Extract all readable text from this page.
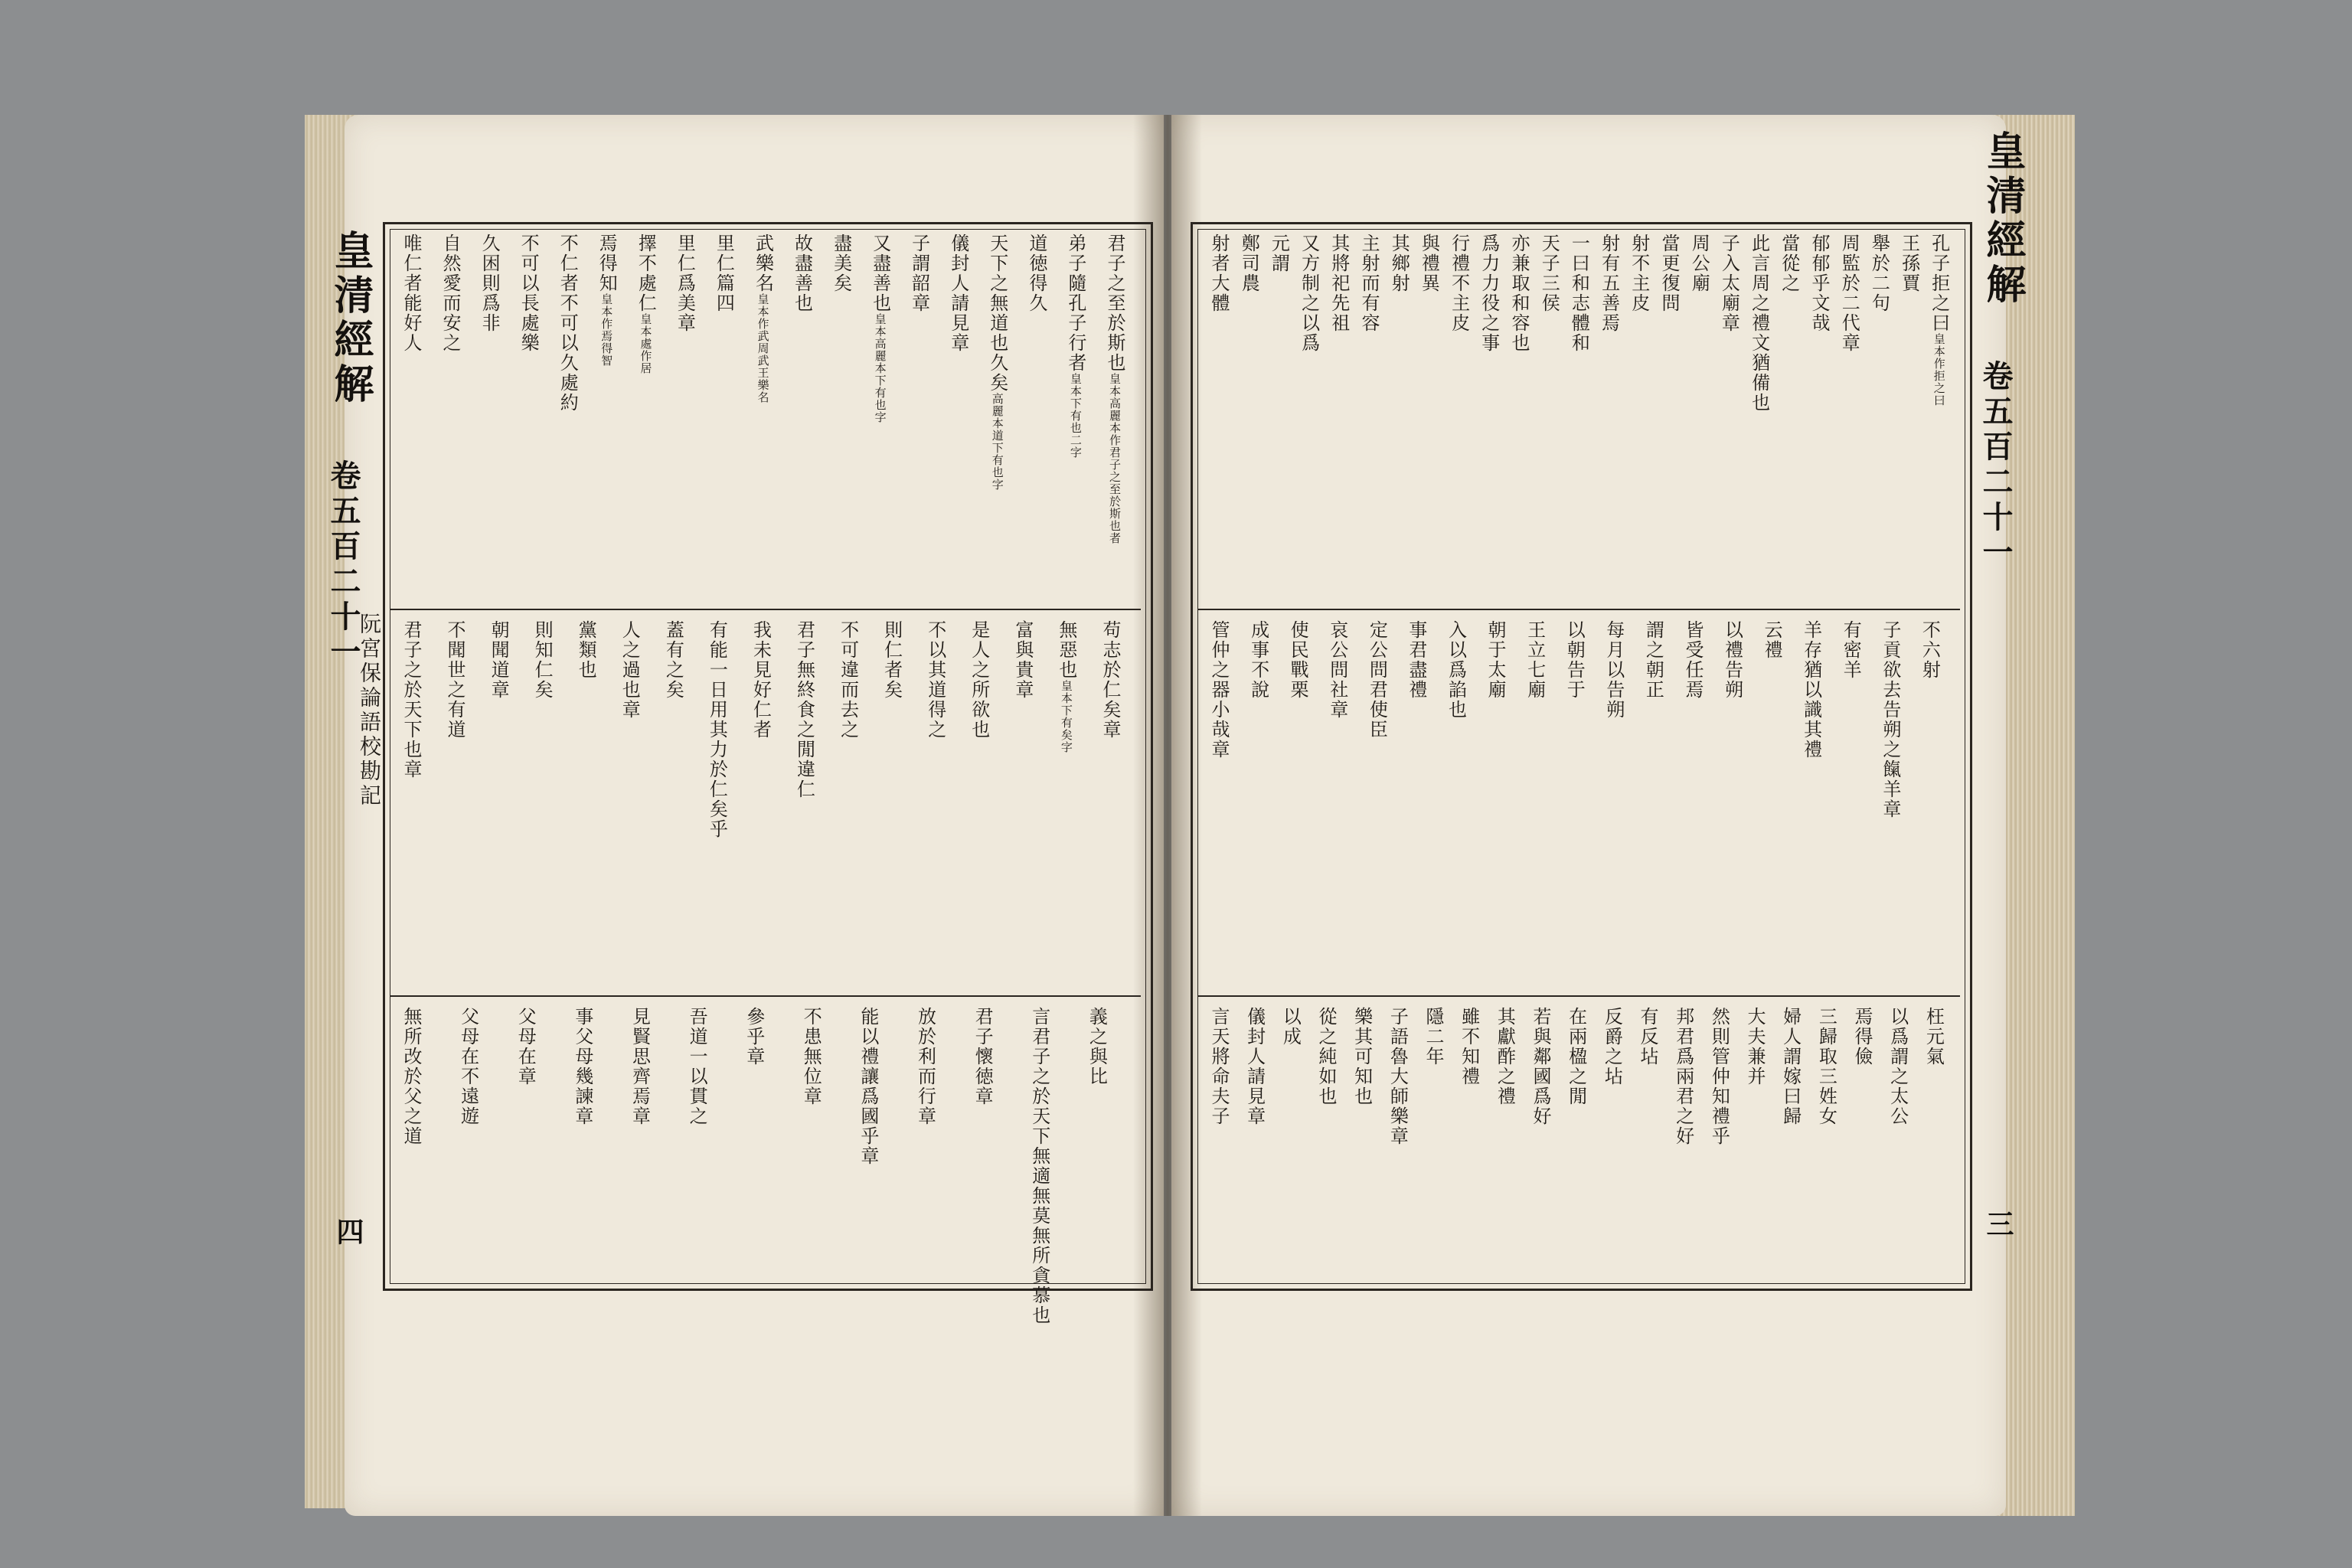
皇清經解
卷五百二十一
阮宮保論語校勘記
四
皇清經解
卷五百二十一
三
君子之至於斯也皇本高麗本作君子之至於斯也者
弟子隨孔子行者皇本下有也二字
道徳得久
天下之無道也久矣高麗本道下有也字
儀封人請見章
子謂韶章
又盡善也皇本高麗本下有也字
盡美矣
故盡善也
武樂名皇本作武周武王樂名
里仁篇四
里仁爲美章
擇不處仁皇本處作居
焉得知皇本作焉得智
不仁者不可以久處約
不可以長處樂
久困則爲非
自然愛而安之
唯仁者能好人
苟志於仁矣章
無惡也皇本下有矣字
富與貴章
是人之所欲也
不以其道得之
則仁者矣
不可違而去之
君子無終食之閒違仁
我未見好仁者
有能一日用其力於仁矣乎
蓋有之矣
人之過也章
黨類也
則知仁矣
朝聞道章
不聞世之有道
君子之於天下也章
義之與比
言君子之於天下無適無莫無所貪慕也
君子懷徳章
放於利而行章
能以禮讓爲國乎章
不患無位章
參乎章
吾道一以貫之
見賢思齊焉章
事父母幾諫章
父母在章
父母在不遠遊
無所改於父之道
孔子拒之曰皇本作拒之曰
王孫賈
舉於二句
周監於二代章
郁郁乎文哉
當從之
此言周之禮文猶備也
子入太廟章
周公廟
當更復問
射不主皮
射有五善焉
一曰和志體和
天子三侯
亦兼取和容也
爲力力役之事
行禮不主皮
與禮異
其鄉射
主射而有容
其將祀先祖
又方制之以爲
元謂
鄭司農
射者大體
不六射
子貢欲去告朔之餼羊章
有密羊
羊存猶以識其禮
云禮
以禮告朔
皆受任焉
謂之朝正
每月以告朔
以朝告于
王立七廟
朝于太廟
入以爲諂也
事君盡禮
定公問君使臣
哀公問社章
使民戰栗
成事不說
管仲之器小哉章
枉元氣
以爲謂之太公
焉得儉
三歸取三姓女
婦人謂嫁曰歸
大夫兼并
然則管仲知禮乎
邦君爲兩君之好
有反坫
反爵之坫
在兩楹之閒
若與鄰國爲好
其獻酢之禮
雖不知禮
隱二年
子語魯大師樂章
樂其可知也
從之純如也
以成
儀封人請見章
言天將命夫子
